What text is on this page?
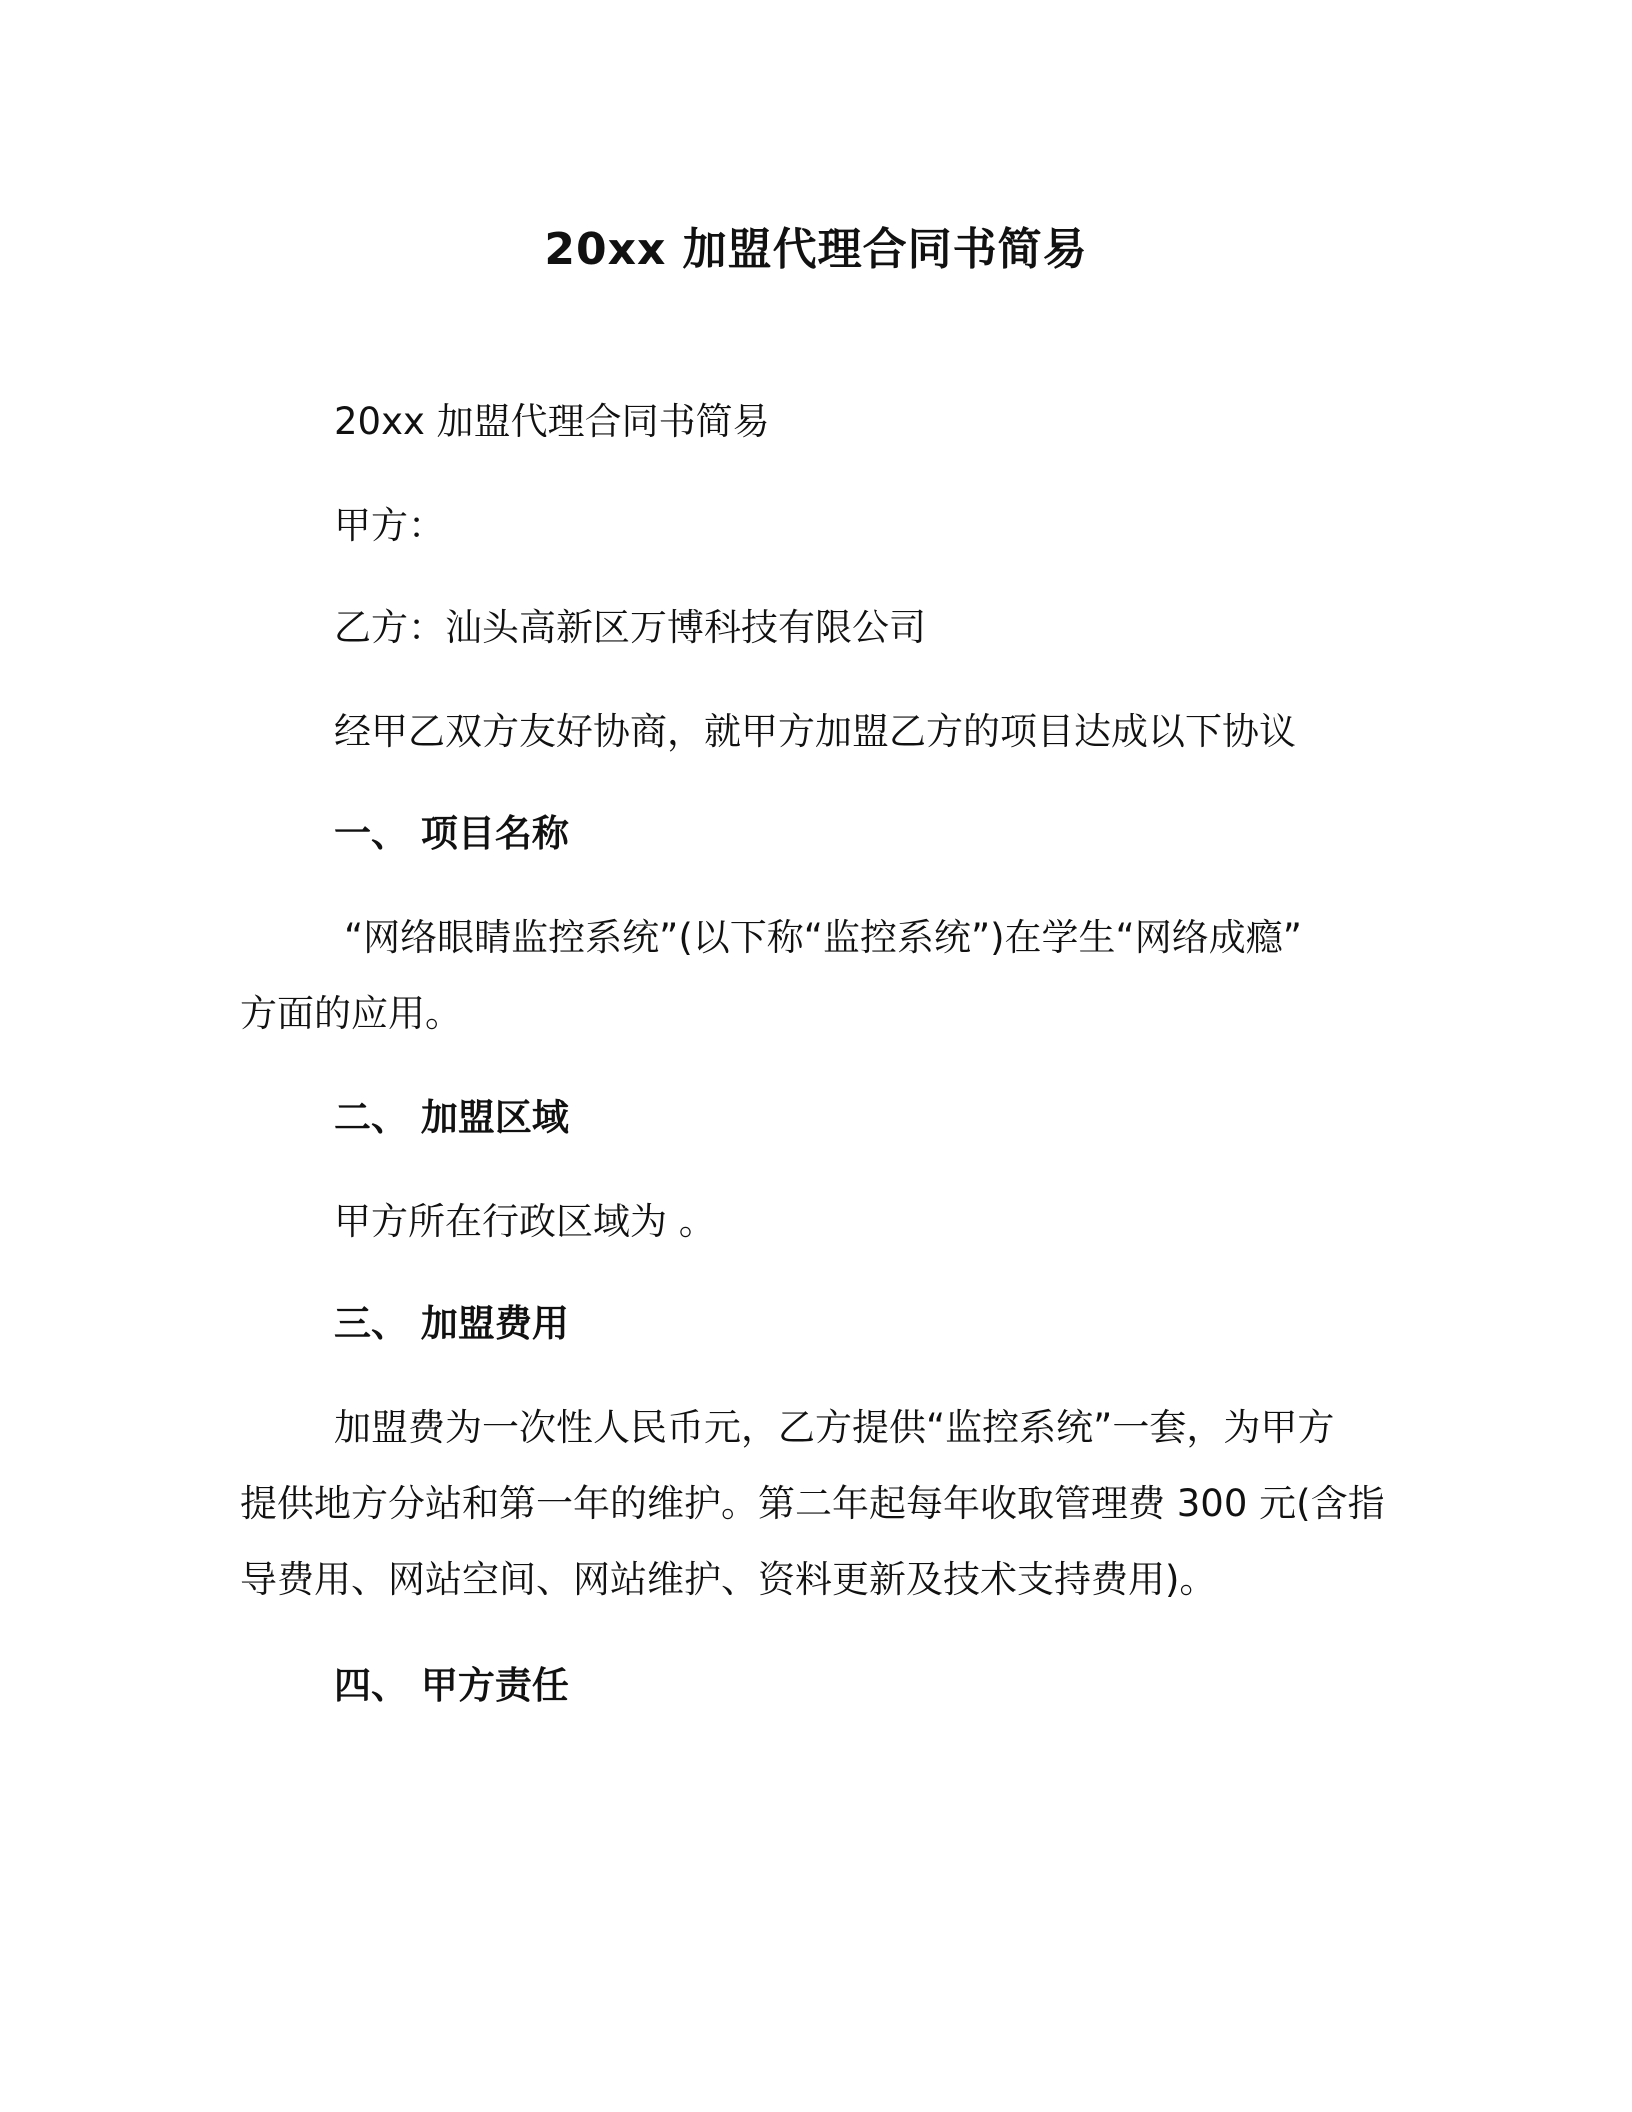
20xx 加盟代理合同书简易
20xx 加盟代理合同书简易
甲方：
乙方：汕头高新区万博科技有限公司
经甲乙双方友好协商，就甲方加盟乙方的项目达成以下协议
一、 项目名称
“网络眼睛监控系统”(以下称“监控系统”)在学生“网络成瘾”
方面的应用。
二、 加盟区域
甲方所在行政区域为 。
三、 加盟费用
加盟费为一次性人民币元，乙方提供“监控系统”一套，为甲方
提供地方分站和第一年的维护。第二年起每年收取管理费 300 元(含指
导费用、网站空间、网站维护、资料更新及技术支持费用)。
四、 甲方责任
